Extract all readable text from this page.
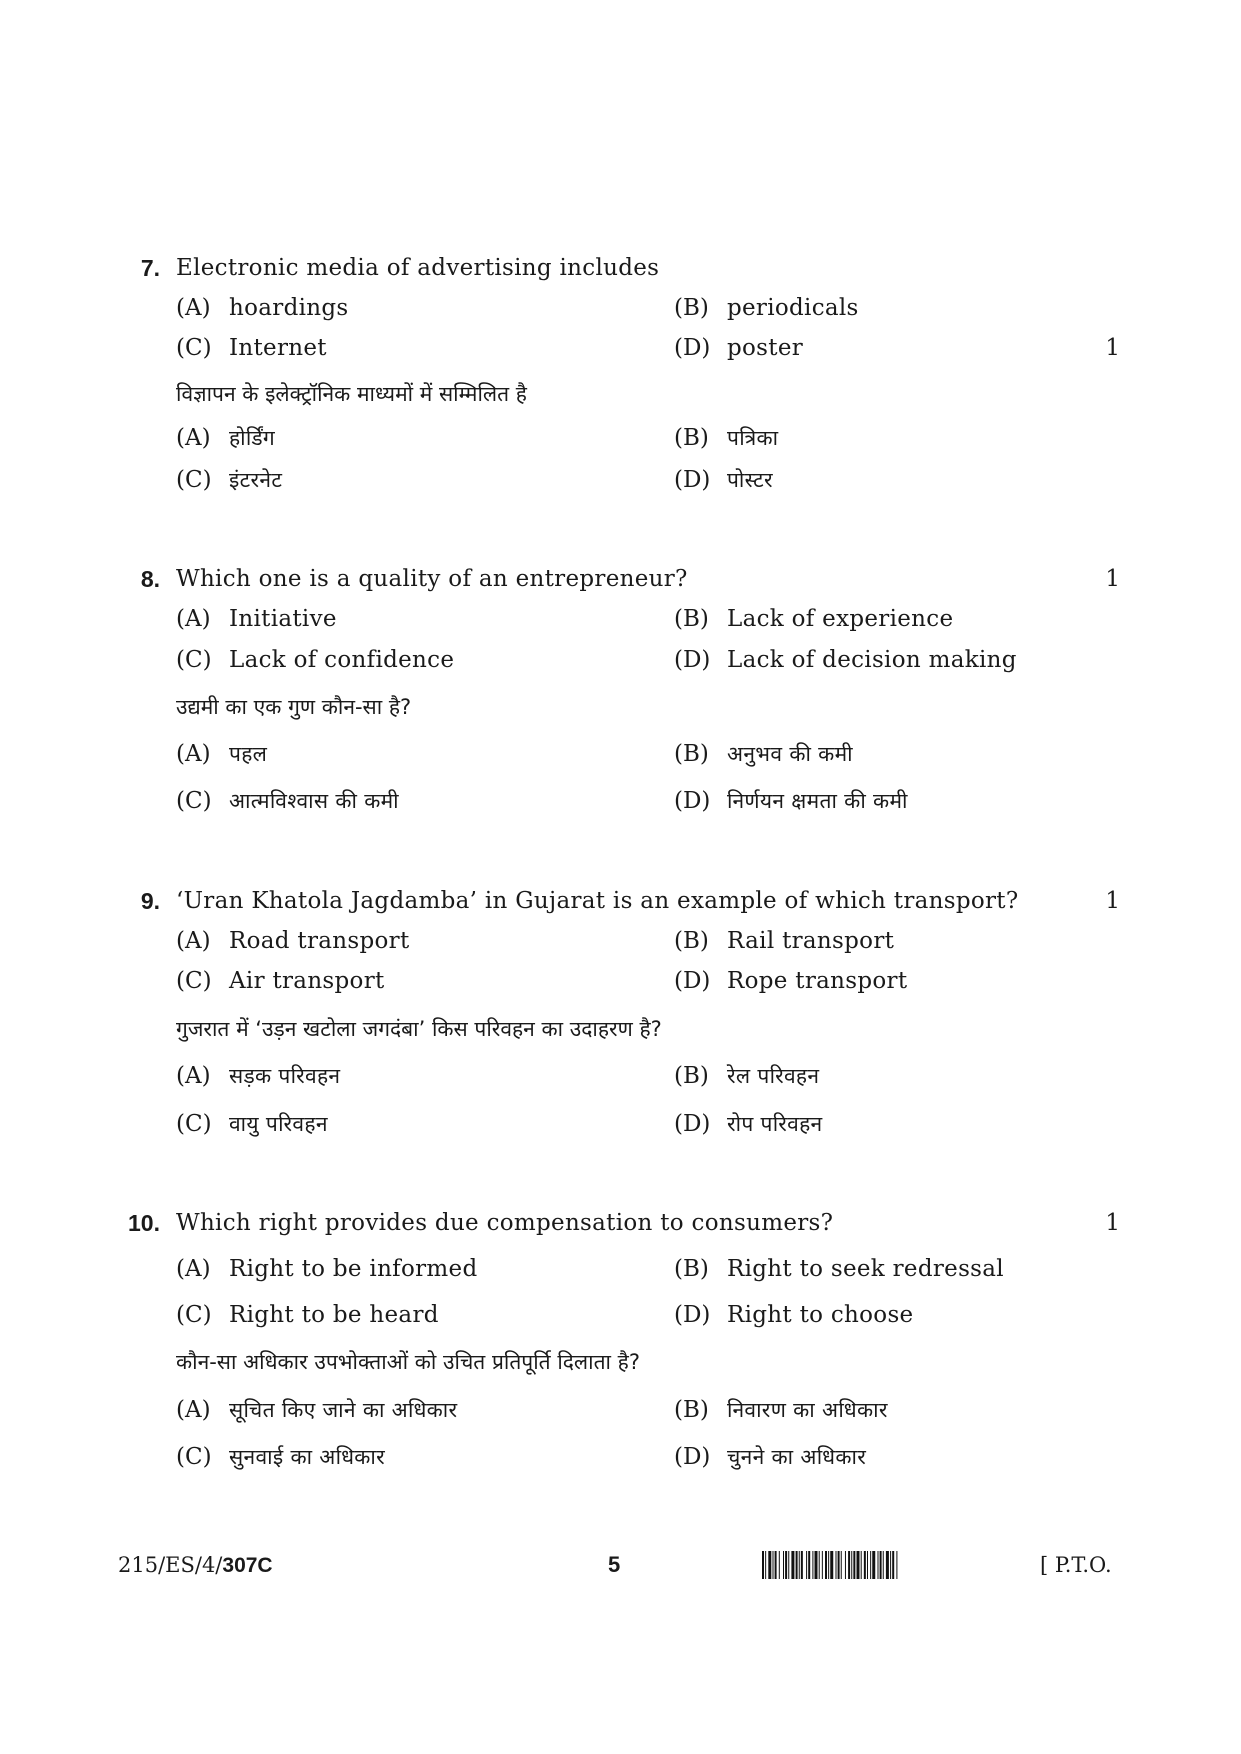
7. Electronic media of advertising includes
(A) hoardings	(B) periodicals
(C) Internet	(D) poster	1
विज्ञापन के इलेक्ट्रॉनिक माध्यमों में सम्मिलित है
(A) होर्डिंग	(B) पत्रिका
(C) इंटरनेट	(D) पोस्टर
8. Which one is a quality of an entrepreneur?	1
(A) Initiative	(B) Lack of experience
(C) Lack of confidence	(D) Lack of decision making
उद्यमी का एक गुण कौन-सा है?
(A) पहल	(B) अनुभव की कमी
(C) आत्मविश्वास की कमी	(D) निर्णयन क्षमता की कमी
9. ‘Uran Khatola Jagdamba’ in Gujarat is an example of which transport?	1
(A) Road transport	(B) Rail transport
(C) Air transport	(D) Rope transport
गुजरात में ‘उड़न खटोला जगदंबा’ किस परिवहन का उदाहरण है?
(A) सड़क परिवहन	(B) रेल परिवहन
(C) वायु परिवहन	(D) रोप परिवहन
10. Which right provides due compensation to consumers?	1
(A) Right to be informed	(B) Right to seek redressal
(C) Right to be heard	(D) Right to choose
कौन-सा अधिकार उपभोक्ताओं को उचित प्रतिपूर्ति दिलाता है?
(A) सूचित किए जाने का अधिकार	(B) निवारण का अधिकार
(C) सुनवाई का अधिकार	(D) चुनने का अधिकार
215/ES/4/307C	5	[ P.T.O.
